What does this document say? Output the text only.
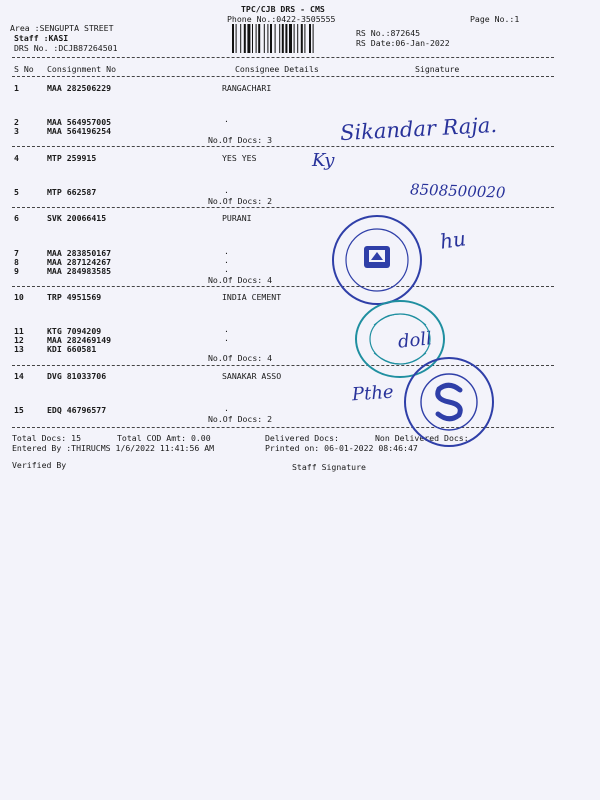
TPC/CJB DRS - CMS
Phone No.:0422-3505555	Page No.:1
Area :SENGUPTA STREET
Staff :KASI
DRS No. :DCJB87264501
RS No.:872645
RS Date:06-Jan-2022
S No Consignment No	Consignee Details	Signature
1	MAA 282506229	RANGACHARI
2	MAA 564957005	.
3	MAA 564196254
No.Of Docs: 3
4	MTP 259915	YES YES
5	MTP 662587	.
No.Of Docs: 2
6	SVK 20066415	PURANI
7	MAA 283850167	.
8	MAA 287124267	.
9	MAA 284983585	.
No.Of Docs: 4
10	TRP 4951569	INDIA CEMENT
11	KTG 7094209	.
12	MAA 282469149	.
13	KDI 660581
No.Of Docs: 4
14	DVG 81033706	SANAKAR ASSO
15	EDQ 46796577	.
No.Of Docs: 2
Total Docs: 15	Total COD Amt: 0.00	Delivered Docs:	Non Delivered Docs:
Entered By :THIRUCMS 1/6/2022 11:41:56 AM	Printed on: 06-01-2022 08:46:47
Verified By	Staff Signature
Sikandar Raja.
Ky
8508500020
hu
doll
Pthe
